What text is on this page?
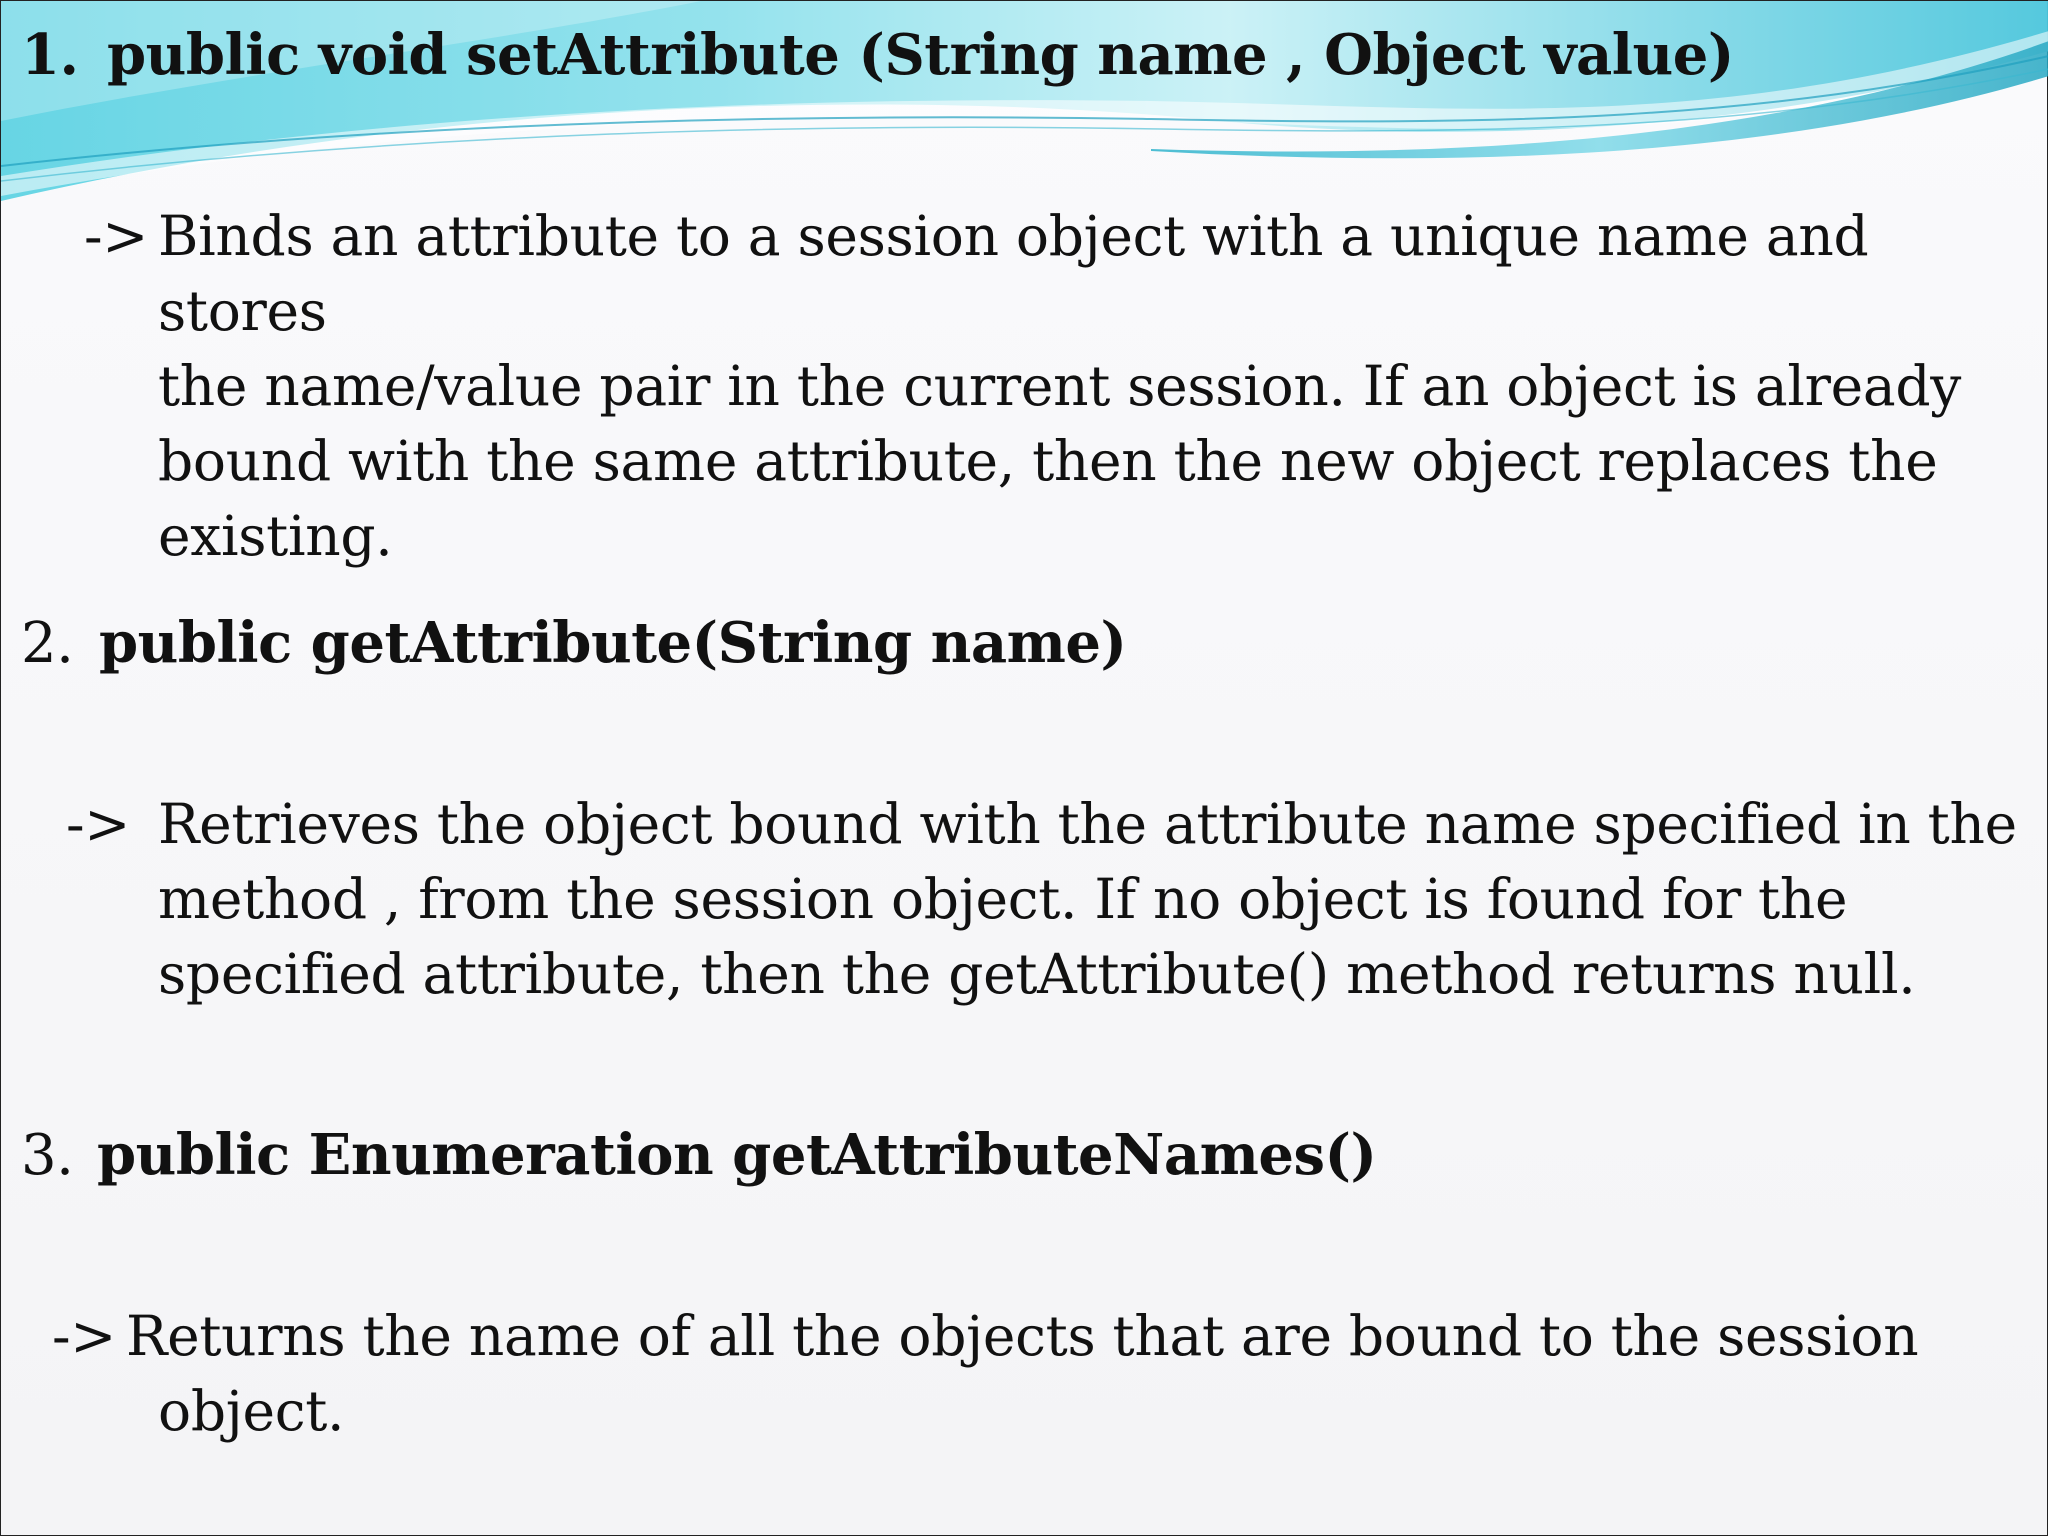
1. public void setAttribute (String name , Object value)
-> Binds an attribute to a session object with a unique name and stores
the name/value pair in the current session. If an object is already
bound with the same attribute, then the new object replaces the
existing.
2. public getAttribute(String name)
-> Retrieves the object bound with the attribute name specified in the
method , from the session object. If no object is found for the
specified attribute, then the getAttribute() method returns null.
3. public Enumeration getAttributeNames()
-> Returns the name of all the objects that are bound to the session
object.
